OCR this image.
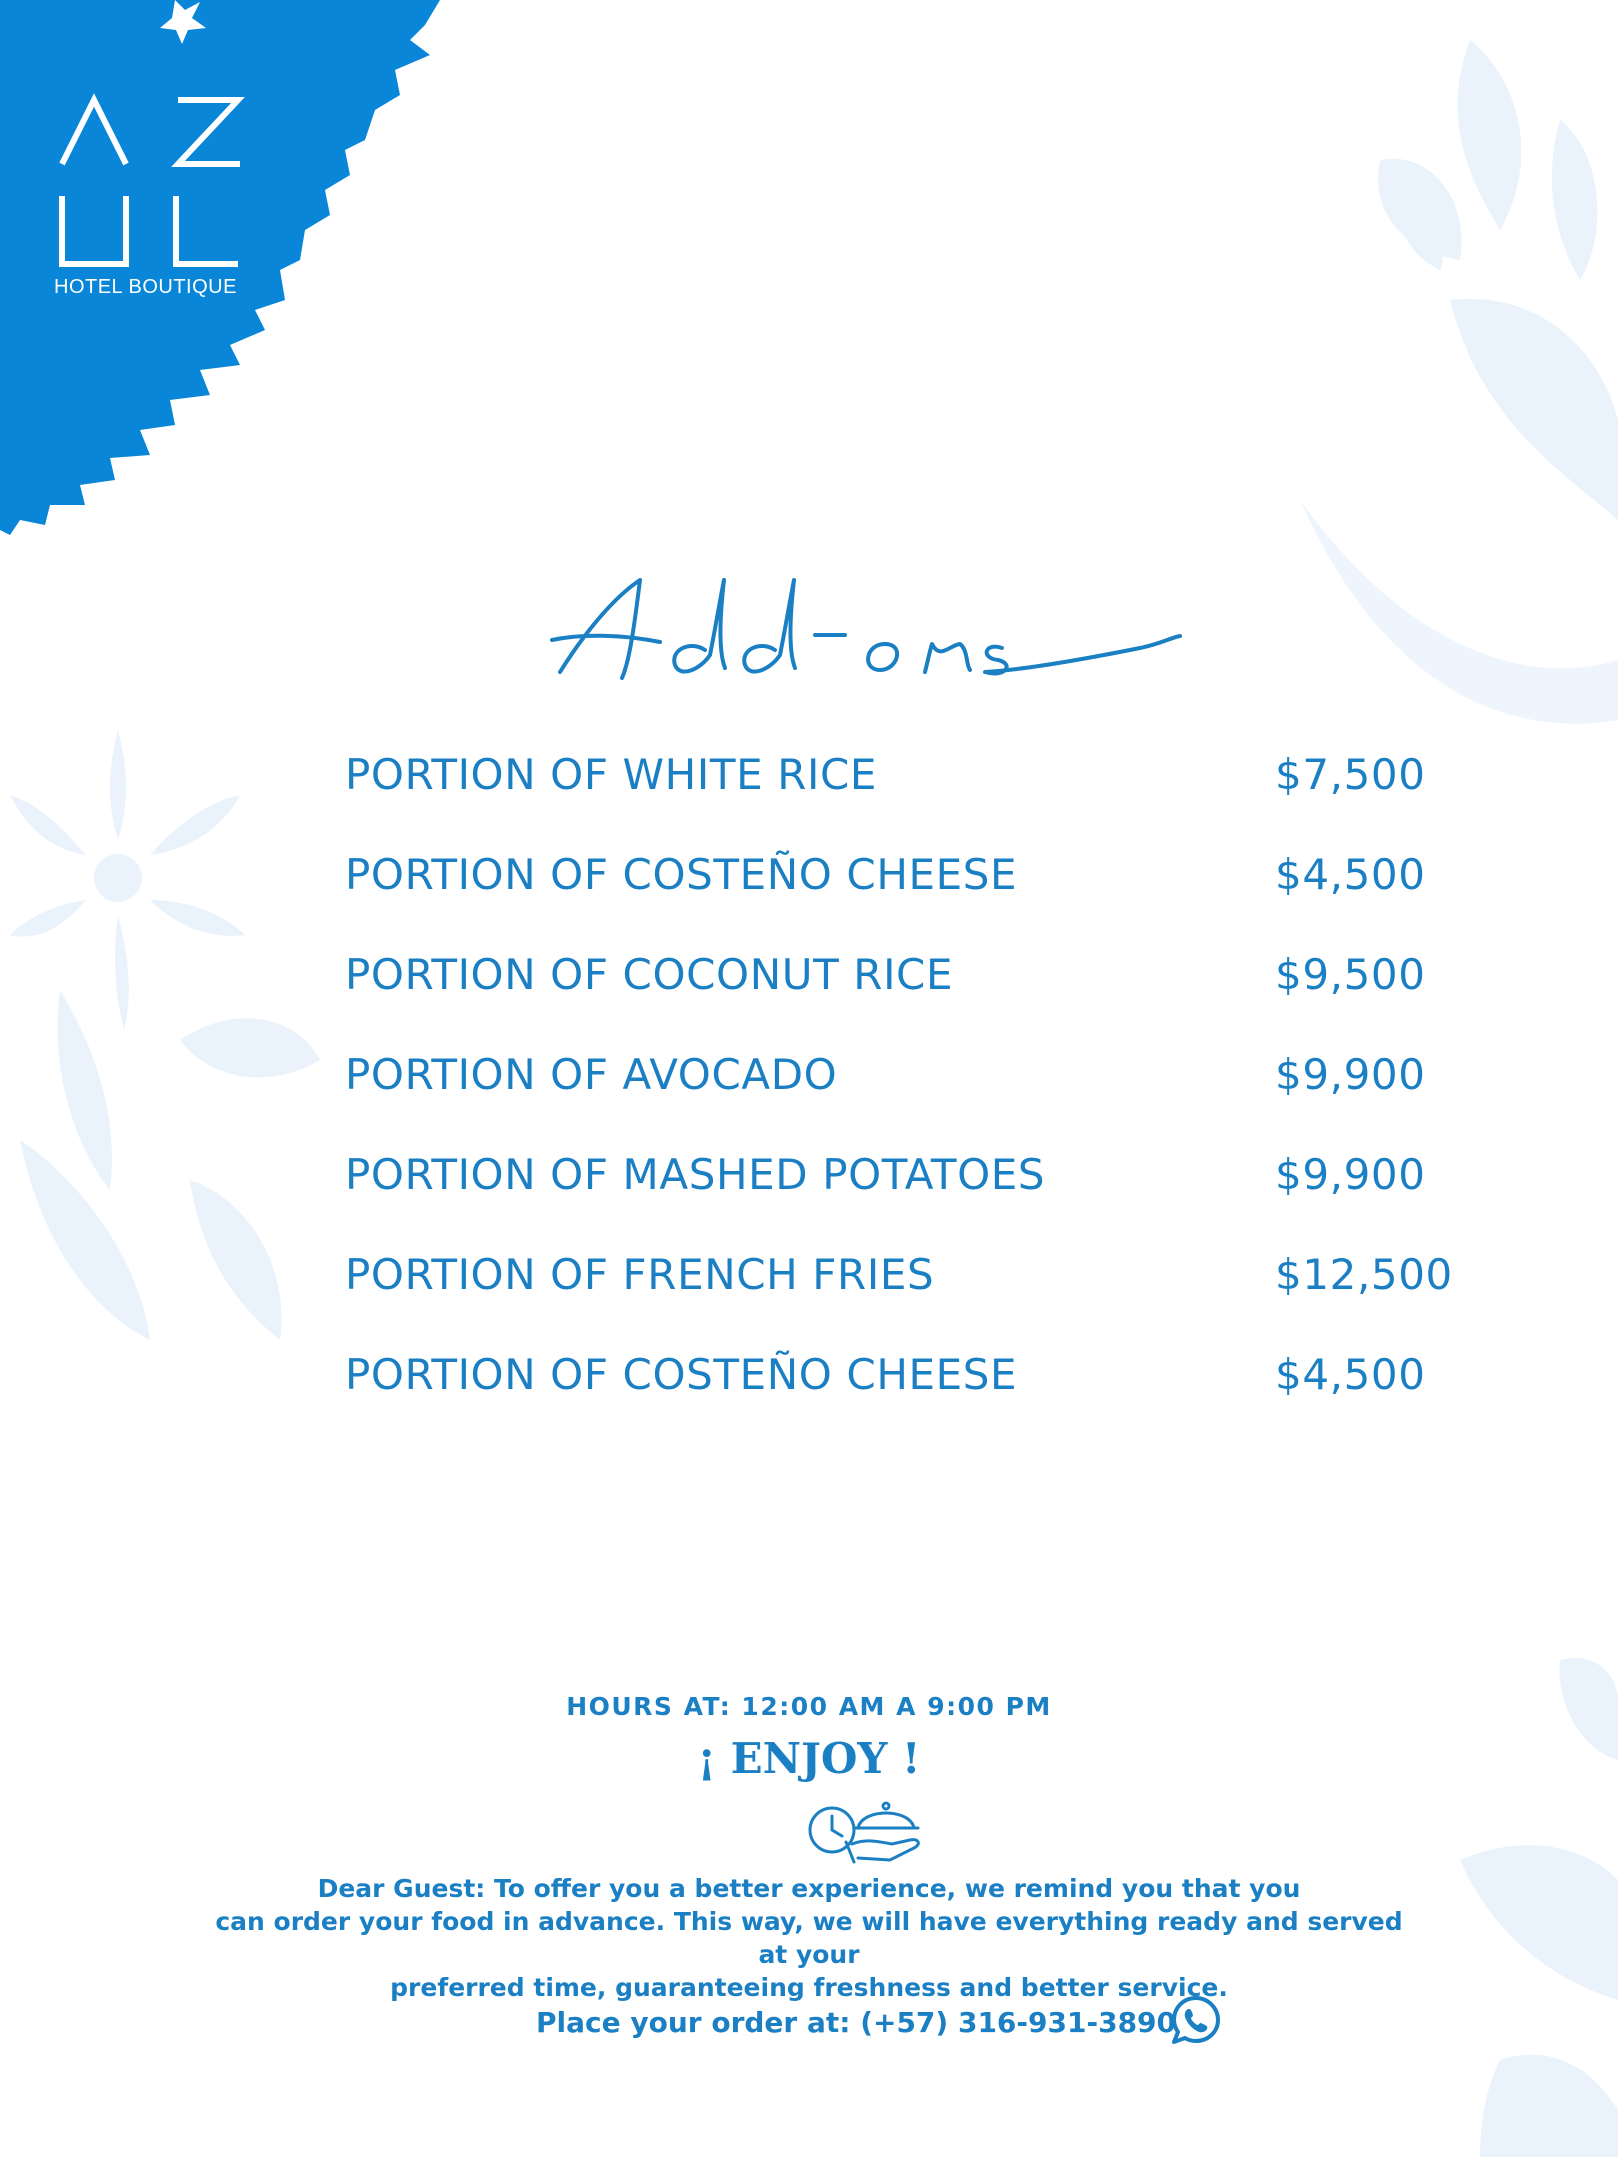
HOTEL BOUTIQUE
PORTION OF WHITE RICE	$7,500
PORTION OF COSTEÑO CHEESE	$4,500
PORTION OF COCONUT RICE	$9,500
PORTION OF AVOCADO	$9,900
PORTION OF MASHED POTATOES	$9,900
PORTION OF FRENCH FRIES	$12,500
PORTION OF COSTEÑO CHEESE	$4,500
HOURS AT: 12:00 AM A 9:00 PM
¡ ENJOY !
Dear Guest: To offer you a better experience, we remind you that you
can order your food in advance. This way, we will have everything ready and served at your
preferred time, guaranteeing freshness and better service.
Place your order at: (+57) 316-931-3890
